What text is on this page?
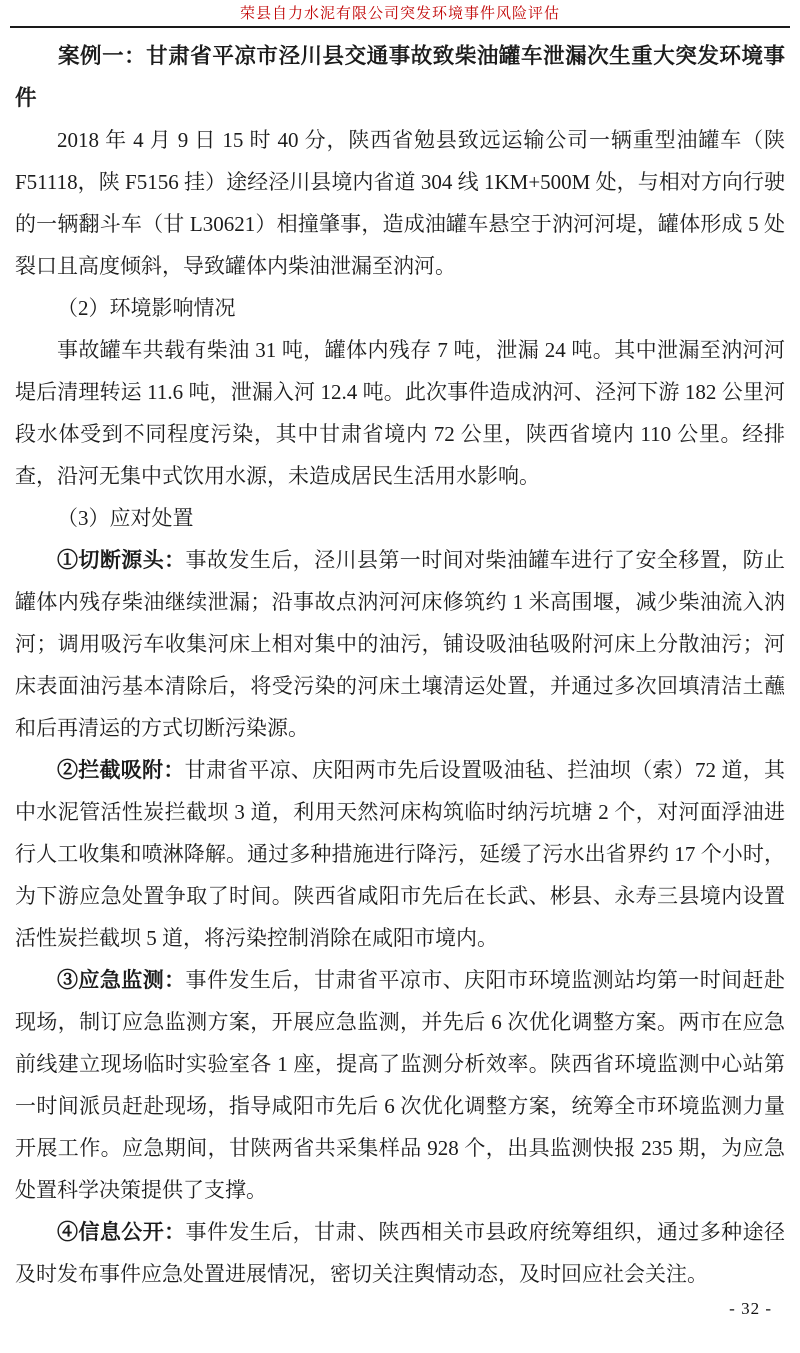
荣县自力水泥有限公司突发环境事件风险评估

案例一：甘肃省平凉市泾川县交通事故致柴油罐车泄漏次生重大突发环境事件

2018 年 4 月 9 日 15 时 40 分，陕西省勉县致远运输公司一辆重型油罐车（陕 F51118，陕 F5156 挂）途经泾川县境内省道 304 线 1KM+500M 处，与相对方向行驶的一辆翻斗车（甘 L30621）相撞肇事，造成油罐车悬空于汭河河堤，罐体形成 5 处裂口且高度倾斜，导致罐体内柴油泄漏至汭河。

（2）环境影响情况

事故罐车共载有柴油 31 吨，罐体内残存 7 吨，泄漏 24 吨。其中泄漏至汭河河堤后清理转运 11.6 吨，泄漏入河 12.4 吨。此次事件造成汭河、泾河下游 182 公里河段水体受到不同程度污染，其中甘肃省境内 72 公里，陕西省境内 110 公里。经排查，沿河无集中式饮用水源，未造成居民生活用水影响。

（3）应对处置

①切断源头：事故发生后，泾川县第一时间对柴油罐车进行了安全移置，防止罐体内残存柴油继续泄漏；沿事故点汭河河床修筑约 1 米高围堰，减少柴油流入汭河；调用吸污车收集河床上相对集中的油污，铺设吸油毡吸附河床上分散油污；河床表面油污基本清除后，将受污染的河床土壤清运处置，并通过多次回填清洁土蘸和后再清运的方式切断污染源。

②拦截吸附：甘肃省平凉、庆阳两市先后设置吸油毡、拦油坝（索）72 道，其中水泥管活性炭拦截坝 3 道，利用天然河床构筑临时纳污坑塘 2 个，对河面浮油进行人工收集和喷淋降解。通过多种措施进行降污，延缓了污水出省界约 17 个小时，为下游应急处置争取了时间。陕西省咸阳市先后在长武、彬县、永寿三县境内设置活性炭拦截坝 5 道，将污染控制消除在咸阳市境内。

③应急监测：事件发生后，甘肃省平凉市、庆阳市环境监测站均第一时间赶赴现场，制订应急监测方案，开展应急监测，并先后 6 次优化调整方案。两市在应急前线建立现场临时实验室各 1 座，提高了监测分析效率。陕西省环境监测中心站第一时间派员赶赴现场，指导咸阳市先后 6 次优化调整方案，统筹全市环境监测力量开展工作。应急期间，甘陕两省共采集样品 928 个，出具监测快报 235 期，为应急处置科学决策提供了支撑。

④信息公开：事件发生后，甘肃、陕西相关市县政府统筹组织，通过多种途径及时发布事件应急处置进展情况，密切关注舆情动态，及时回应社会关注。

- 32 -
